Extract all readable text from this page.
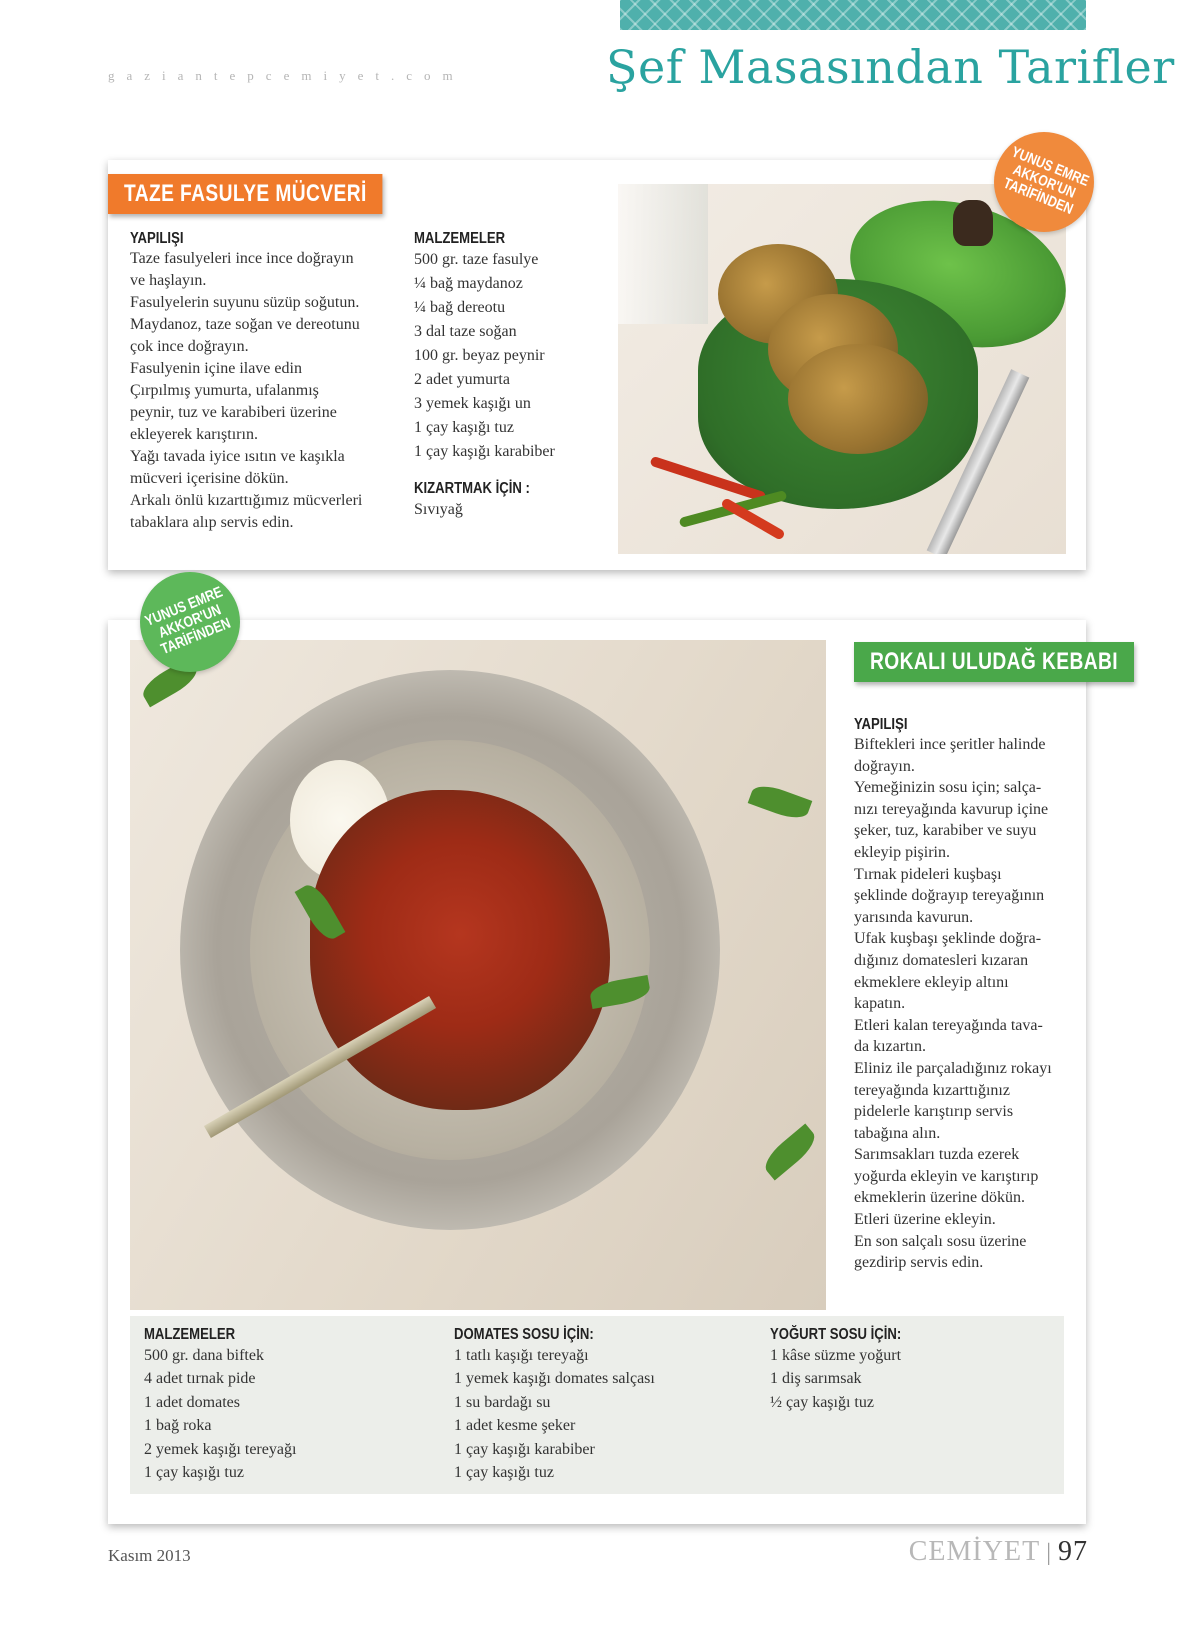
gaziantepcemiyet.com	Şef Masasından Tarifler
TAZE FASULYE MÜCVERİ
YAPILIŞI
Taze fasulyeleri ince ince doğrayın
ve haşlayın.
Fasulyelerin suyunu süzüp soğutun.
Maydanoz, taze soğan ve dereotunu
çok ince doğrayın.
Fasulyenin içine ilave edin
Çırpılmış yumurta, ufalanmış
peynir, tuz ve karabiberi üzerine
ekleyerek karıştırın.
Yağı tavada iyice ısıtın ve kaşıkla
mücveri içerisine dökün.
Arkalı önlü kızarttığımız mücverleri
tabaklara alıp servis edin.
MALZEMELER
500 gr. taze fasulye
¼ bağ maydanoz
¼ bağ dereotu
3 dal taze soğan
100 gr. beyaz peynir
2 adet yumurta
3 yemek kaşığı un
1 çay kaşığı tuz
1 çay kaşığı karabiber
KIZARTMAK İÇİN :
Sıvıyağ
YUNUS EMRE AKKOR'UN TARİFİNDEN
ROKALI ULUDAĞ KEBABI
YAPILIŞI
Biftekleri ince şeritler halinde
doğrayın.
Yemeğinizin sosu için; salça-
nızı tereyağında kavurup içine
şeker, tuz, karabiber ve suyu
ekleyip pişirin.
Tırnak pideleri kuşbaşı
şeklinde doğrayıp tereyağının
yarısında kavurun.
Ufak kuşbaşı şeklinde doğra-
dığınız domatesleri kızaran
ekmeklere ekleyip altını
kapatın.
Etleri kalan tereyağında tava-
da kızartın.
Eliniz ile parçaladığınız rokayı
tereyağında kızarttığınız
pidelerle karıştırıp servis
tabağına alın.
Sarımsakları tuzda ezerek
yoğurda ekleyin ve karıştırıp
ekmeklerin üzerine dökün.
Etleri üzerine ekleyin.
En son salçalı sosu üzerine
gezdirip servis edin.
MALZEMELER
500 gr. dana biftek
4 adet tırnak pide
1 adet domates
1 bağ roka
2 yemek kaşığı tereyağı
1 çay kaşığı tuz
DOMATES SOSU İÇİN:
1 tatlı kaşığı tereyağı
1 yemek kaşığı domates salçası
1 su bardağı su
1 adet kesme şeker
1 çay kaşığı karabiber
1 çay kaşığı tuz
YOĞURT SOSU İÇİN:
1 kâse süzme yoğurt
1 diş sarımsak
½ çay kaşığı tuz
YUNUS EMRE AKKOR'UN TARİFİNDEN
Kasım 2013	CEMİYET | 97
